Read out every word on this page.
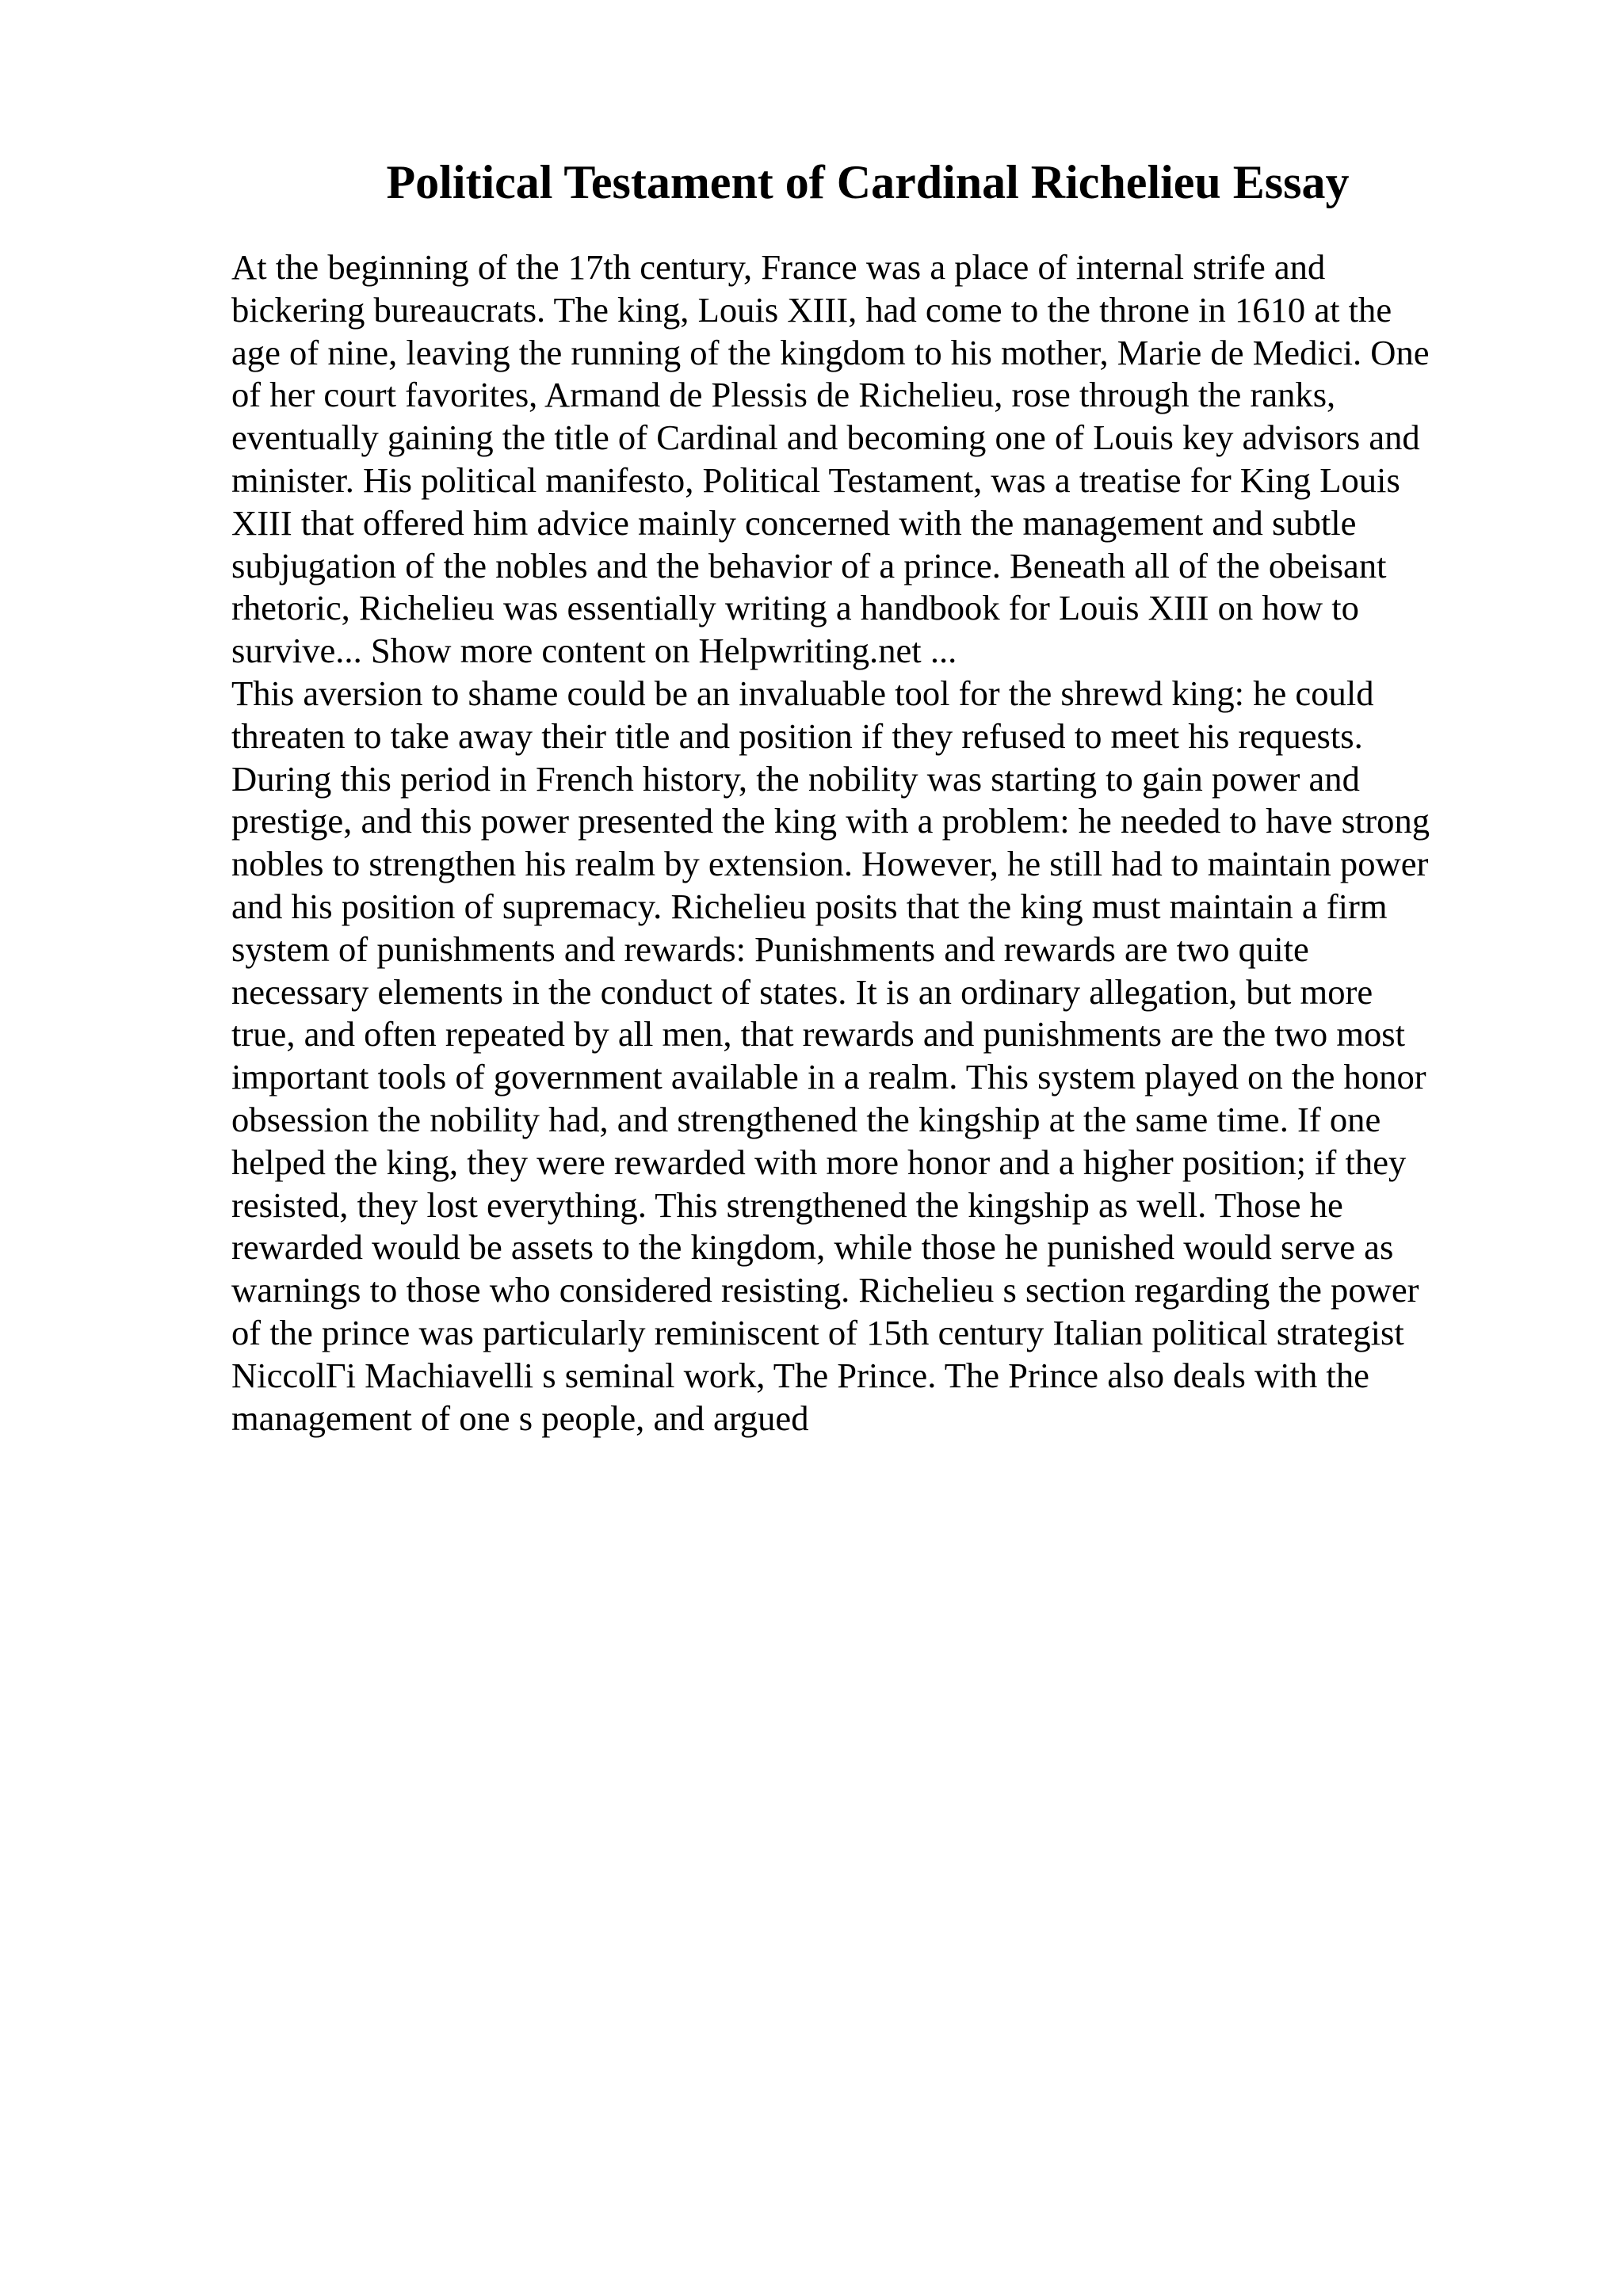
Political Testament of Cardinal Richelieu Essay
At the beginning of the 17th century, France was a place of internal strife and
bickering bureaucrats. The king, Louis XIII, had come to the throne in 1610 at the
age of nine, leaving the running of the kingdom to his mother, Marie de Medici. One
of her court favorites, Armand de Plessis de Richelieu, rose through the ranks,
eventually gaining the title of Cardinal and becoming one of Louis key advisors and
minister. His political manifesto, Political Testament, was a treatise for King Louis
XIII that offered him advice mainly concerned with the management and subtle
subjugation of the nobles and the behavior of a prince. Beneath all of the obeisant
rhetoric, Richelieu was essentially writing a handbook for Louis XIII on how to
survive... Show more content on Helpwriting.net ...
This aversion to shame could be an invaluable tool for the shrewd king: he could
threaten to take away their title and position if they refused to meet his requests.
During this period in French history, the nobility was starting to gain power and
prestige, and this power presented the king with a problem: he needed to have strong
nobles to strengthen his realm by extension. However, he still had to maintain power
and his position of supremacy. Richelieu posits that the king must maintain a firm
system of punishments and rewards: Punishments and rewards are two quite
necessary elements in the conduct of states. It is an ordinary allegation, but more
true, and often repeated by all men, that rewards and punishments are the two most
important tools of government available in a realm. This system played on the honor
obsession the nobility had, and strengthened the kingship at the same time. If one
helped the king, they were rewarded with more honor and a higher position; if they
resisted, they lost everything. This strengthened the kingship as well. Those he
rewarded would be assets to the kingdom, while those he punished would serve as
warnings to those who considered resisting. Richelieu s section regarding the power
of the prince was particularly reminiscent of 15th century Italian political strategist
NiccolΓi Machiavelli s seminal work, The Prince. The Prince also deals with the
management of one s people, and argued
